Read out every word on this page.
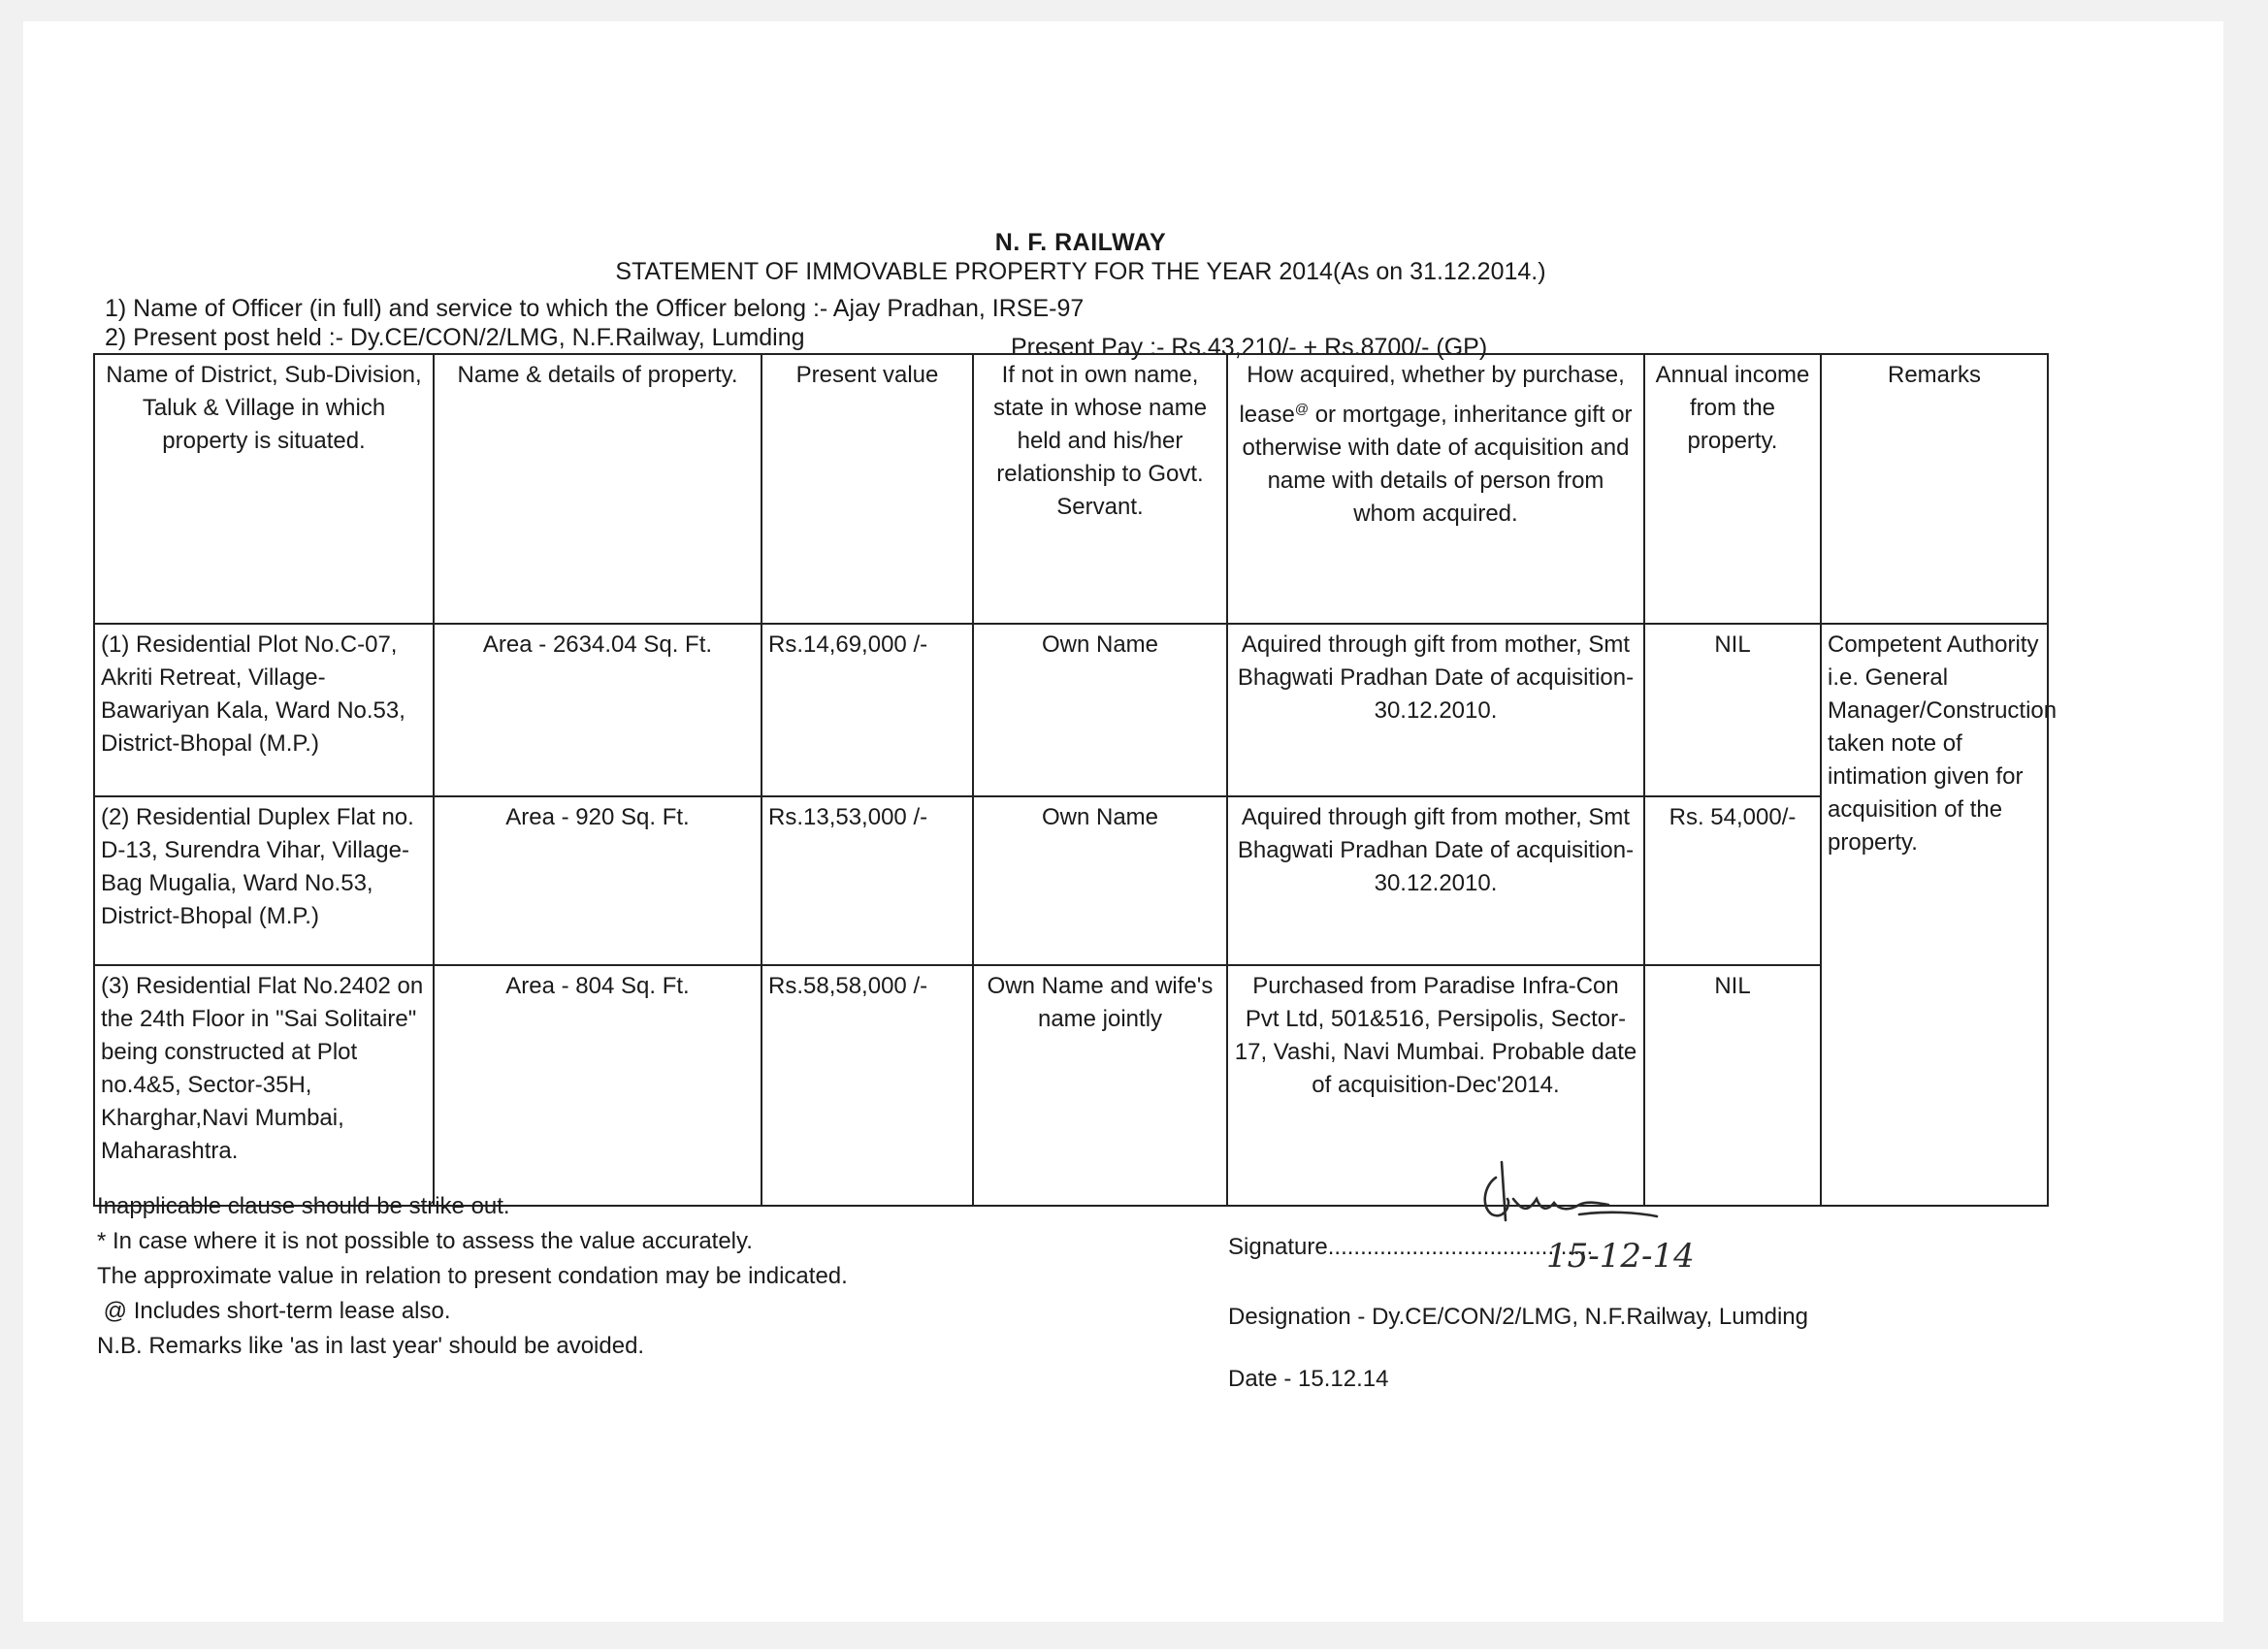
N. F. RAILWAY
STATEMENT OF IMMOVABLE PROPERTY FOR THE YEAR 2014(As on 31.12.2014.)
1) Name of Officer (in full) and service to which the Officer belong :- Ajay Pradhan, IRSE-97
2) Present post held :- Dy.CE/CON/2/LMG, N.F.Railway, Lumding	Present Pay :- Rs.43,210/- + Rs.8700/- (GP)
Name of District, Sub-Division, Taluk & Village in which property is situated.	Name & details of property.	Present value	If not in own name, state in whose name held and his/her relationship to Govt. Servant.	How acquired, whether by purchase, lease@ or mortgage, inheritance gift or otherwise with date of acquisition and name with details of person from whom acquired.	Annual income from the property.	Remarks
(1) Residential Plot No.C-07, Akriti Retreat, Village-Bawariyan Kala, Ward No.53, District-Bhopal (M.P.)	Area - 2634.04 Sq. Ft.	Rs.14,69,000 /-	Own Name	Aquired through gift from mother, Smt Bhagwati Pradhan Date of acquisition-30.12.2010.	NIL	Competent Authority i.e. General Manager/Construction taken note of intimation given for acquisition of the property.
(2) Residential Duplex Flat no. D-13, Surendra Vihar, Village- Bag Mugalia, Ward No.53, District-Bhopal (M.P.)	Area - 920 Sq. Ft.	Rs.13,53,000 /-	Own Name	Aquired through gift from mother, Smt Bhagwati Pradhan Date of acquisition-30.12.2010.	Rs. 54,000/-	
(3) Residential Flat No.2402 on the 24th Floor in "Sai Solitaire" being constructed at Plot no.4&5, Sector-35H, Kharghar,Navi Mumbai, Maharashtra.	Area - 804 Sq. Ft.	Rs.58,58,000 /-	Own Name and wife's name jointly	Purchased from Paradise Infra-Con Pvt Ltd, 501&516, Persipolis, Sector-17, Vashi, Navi Mumbai. Probable date of acquisition-Dec'2014.	NIL	
Inapplicable clause should be strike out.
* In case where it is not possible to assess the value accurately.
The approximate value in relation to present condation may be indicated.
@ Includes short-term lease also.
N.B. Remarks like 'as in last year' should be avoided.
Signature.........................................
15-12-14
Designation - Dy.CE/CON/2/LMG, N.F.Railway, Lumding
Date - 15.12.14
